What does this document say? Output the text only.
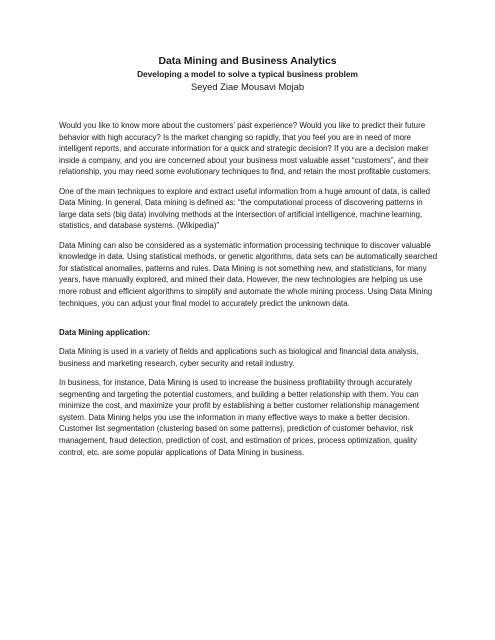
Data Mining and Business Analytics

Developing a model to solve a typical business problem

Seyed Ziae Mousavi Mojab

Would you like to know more about the customers’ past experience? Would you like to predict their future behavior with high accuracy? Is the market changing so rapidly, that you feel you are in need of more intelligent reports, and accurate information for a quick and strategic decision? If you are a decision maker inside a company, and you are concerned about your business most valuable asset “customers”, and their relationship, you may need some evolutionary techniques to find, and retain the most profitable customers.

One of the main techniques to explore and extract useful information from a huge amount of data, is called Data Mining. In general, Data mining is defined as: “the computational process of discovering patterns in large data sets (big data) involving methods at the intersection of artificial intelligence, machine learning, statistics, and database systems. (Wikipedia)”

Data Mining can also be considered as a systematic information processing technique to discover valuable knowledge in data. Using statistical methods, or genetic algorithms, data sets can be automatically searched for statistical anomalies, patterns and rules. Data Mining is not something new, and statisticians, for many years, have manually explored, and mined their data. However, the new technologies are helping us use more robust and efficient algorithms to simplify and automate the whole mining process. Using Data Mining techniques, you can adjust your final model to accurately predict the unknown data.

Data Mining application:

Data Mining is used in a variety of fields and applications such as biological and financial data analysis, business and marketing research, cyber security and retail industry.

In business, for instance, Data Mining is used to increase the business profitability through accurately segmenting and targeting the potential customers, and building a better relationship with them. You can minimize the cost, and maximize your profit by establishing a better customer relationship management system. Data Mining helps you use the information in many effective ways to make a better decision. Customer list segmentation (clustering based on some patterns), prediction of customer behavior, risk management, fraud detection, prediction of cost, and estimation of prices, process optimization, quality control, etc. are some popular applications of Data Mining in business.
